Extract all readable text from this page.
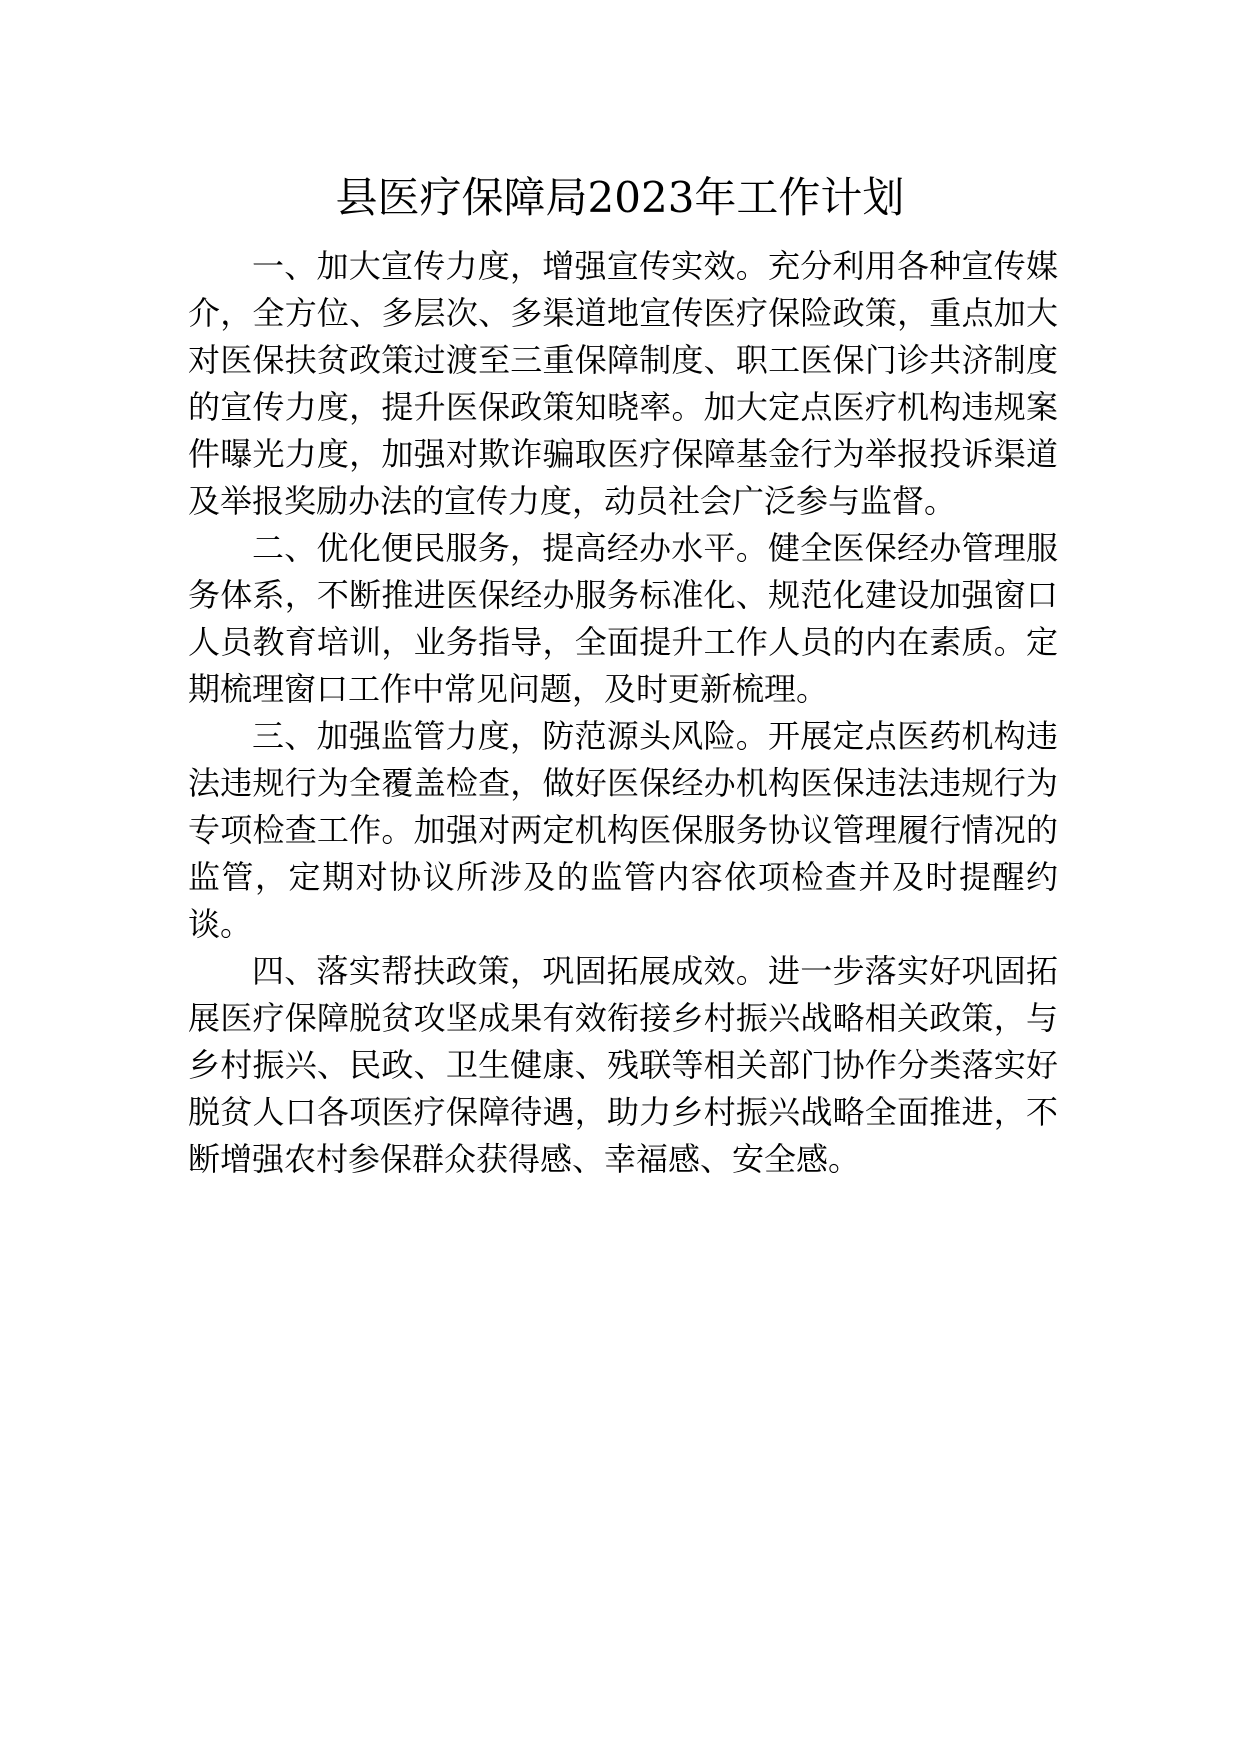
县医疗保障局2023年工作计划

一、加大宣传力度，增强宣传实效。充分利用各种宣传媒介，全方位、多层次、多渠道地宣传医疗保险政策，重点加大对医保扶贫政策过渡至三重保障制度、职工医保门诊共济制度的宣传力度，提升医保政策知晓率。加大定点医疗机构违规案件曝光力度，加强对欺诈骗取医疗保障基金行为举报投诉渠道及举报奖励办法的宣传力度，动员社会广泛参与监督。

二、优化便民服务，提高经办水平。健全医保经办管理服务体系，不断推进医保经办服务标准化、规范化建设加强窗口人员教育培训，业务指导，全面提升工作人员的内在素质。定期梳理窗口工作中常见问题，及时更新梳理。

三、加强监管力度，防范源头风险。开展定点医药机构违法违规行为全覆盖检查，做好医保经办机构医保违法违规行为专项检查工作。加强对两定机构医保服务协议管理履行情况的监管，定期对协议所涉及的监管内容依项检查并及时提醒约谈。

四、落实帮扶政策，巩固拓展成效。进一步落实好巩固拓展医疗保障脱贫攻坚成果有效衔接乡村振兴战略相关政策，与乡村振兴、民政、卫生健康、残联等相关部门协作分类落实好脱贫人口各项医疗保障待遇，助力乡村振兴战略全面推进，不断增强农村参保群众获得感、幸福感、安全感。
